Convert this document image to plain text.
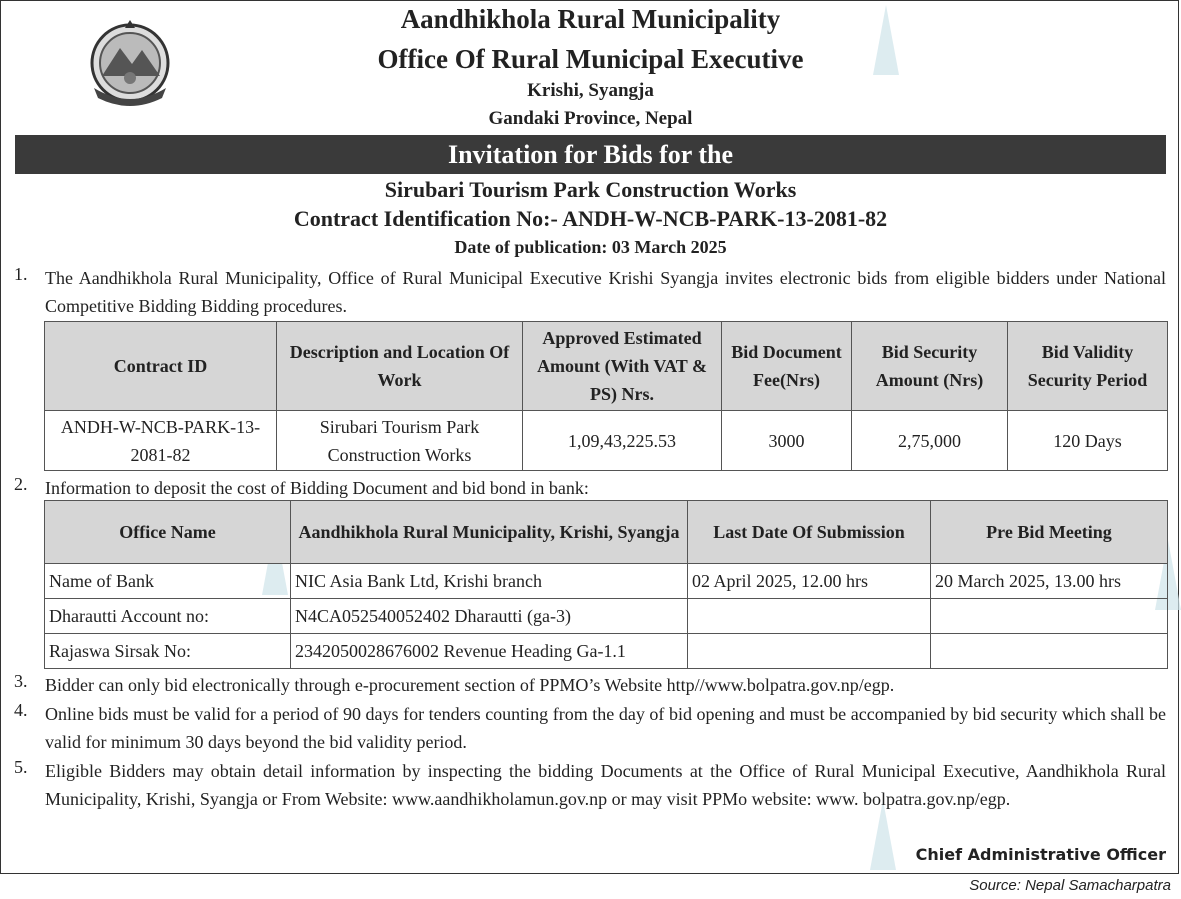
Aandhikhola Rural Municipality
Office Of Rural Municipal Executive
Krishi, Syangja
Gandaki Province, Nepal
Invitation for Bids for the
Sirubari Tourism Park Construction Works
Contract Identification No:- ANDH-W-NCB-PARK-13-2081-82
Date of publication: 03 March 2025
1. The Aandhikhola Rural Municipality, Office of Rural Municipal Executive Krishi Syangja invites electronic bids from eligible bidders under National Competitive Bidding Bidding procedures.
Contract ID	Description and Location Of Work	Approved Estimated Amount (With VAT & PS) Nrs.	Bid Document Fee(Nrs)	Bid Security Amount (Nrs)	Bid Validity Security Period
ANDH-W-NCB-PARK-13-2081-82	Sirubari Tourism Park Construction Works	1,09,43,225.53	3000	2,75,000	120 Days
2. Information to deposit the cost of Bidding Document and bid bond in bank:
Office Name	Aandhikhola Rural Municipality, Krishi, Syangja	Last Date Of Submission	Pre Bid Meeting
Name of Bank	NIC Asia Bank Ltd, Krishi branch	02 April 2025, 12.00 hrs	20 March 2025, 13.00 hrs
Dharautti Account no:	N4CA052540052402 Dharautti (ga-3)		
Rajaswa Sirsak No:	2342050028676002 Revenue Heading Ga-1.1		
3. Bidder can only bid electronically through e-procurement section of PPMO’s Website http//www.bolpatra.gov.np/egp.
4. Online bids must be valid for a period of 90 days for tenders counting from the day of bid opening and must be accompanied by bid security which shall be valid for minimum 30 days beyond the bid validity period.
5. Eligible Bidders may obtain detail information by inspecting the bidding Documents at the Office of Rural Municipal Executive, Aandhikhola Rural Municipality, Krishi, Syangja or From Website: www.aandhikholamun.gov.np or may visit PPMo website: www. bolpatra.gov.np/egp.
Chief Administrative Officer
Source: Nepal Samacharpatra
